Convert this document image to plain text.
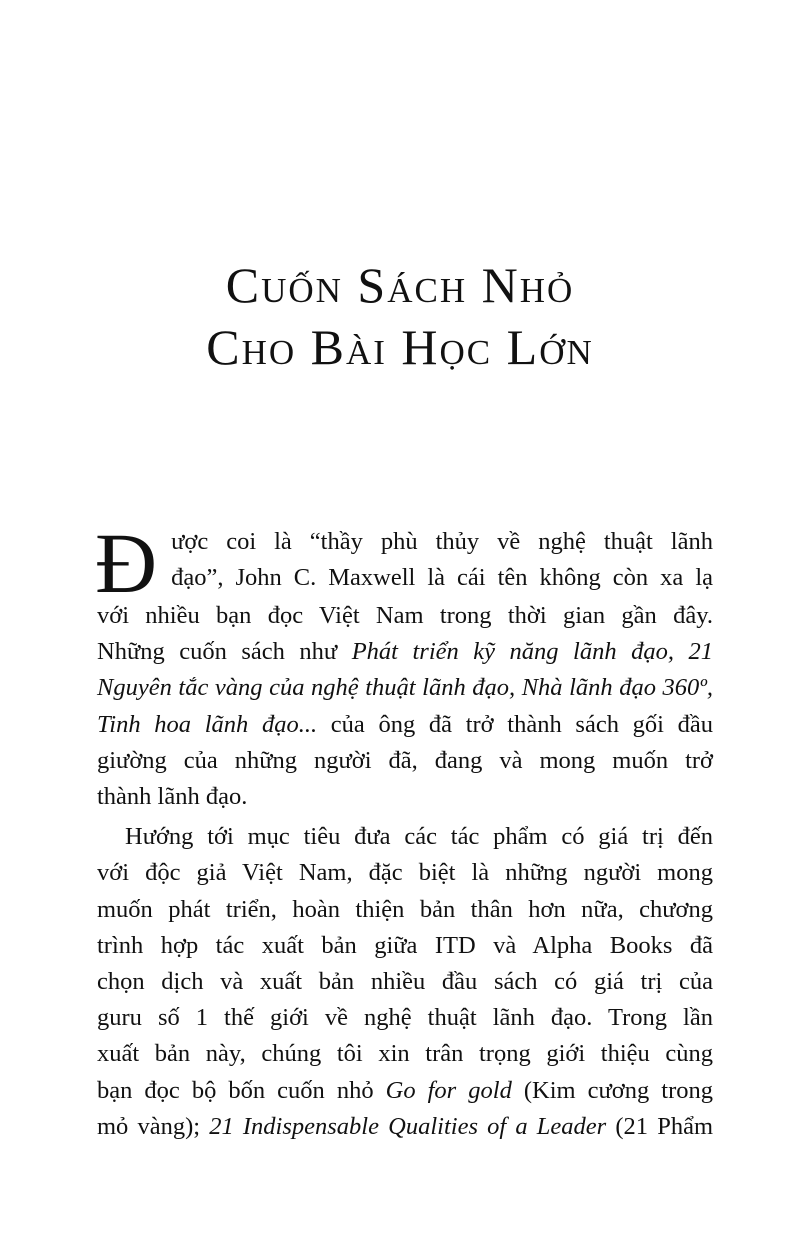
Cuốn Sách Nhỏ
Cho Bài Học Lớn
Đ ược coi là “thầy phù thủy về nghệ thuật lãnh
đạo”, John C. Maxwell là cái tên không còn xa lạ
với nhiều bạn đọc Việt Nam trong thời gian gần đây.
Những cuốn sách như Phát triển kỹ năng lãnh đạo, 21
Nguyên tắc vàng của nghệ thuật lãnh đạo, Nhà lãnh đạo 360º,
Tinh hoa lãnh đạo... của ông đã trở thành sách gối đầu
giường của những người đã, đang và mong muốn trở
thành lãnh đạo.
Hướng tới mục tiêu đưa các tác phẩm có giá trị đến
với độc giả Việt Nam, đặc biệt là những người mong
muốn phát triển, hoàn thiện bản thân hơn nữa, chương
trình hợp tác xuất bản giữa ITD và Alpha Books đã
chọn dịch và xuất bản nhiều đầu sách có giá trị của
guru số 1 thế giới về nghệ thuật lãnh đạo. Trong lần
xuất bản này, chúng tôi xin trân trọng giới thiệu cùng
bạn đọc bộ bốn cuốn nhỏ Go for gold (Kim cương trong
mỏ vàng); 21 Indispensable Qualities of a Leader (21 Phẩm
